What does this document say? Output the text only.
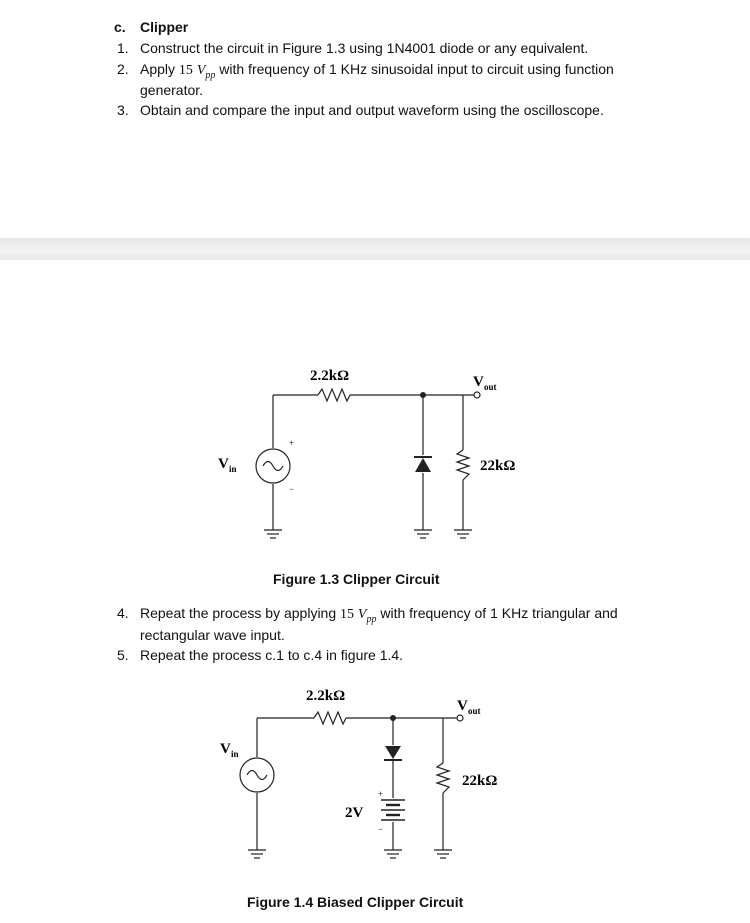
c. Clipper
1. Construct the circuit in Figure 1.3 using 1N4001 diode or any equivalent.
2. Apply 15 $V_{pp}$ with frequency of 1 KHz sinusoidal input to circuit using function
generator.
3. Obtain and compare the input and output waveform using the oscilloscope.
2.2kΩ
22kΩ
V in
V out
+
−
Figure 1.3 Clipper Circuit
4. Repeat the process by applying 15 $V_{pp}$ with frequency of 1 KHz triangular and
rectangular wave input.
5. Repeat the process c.1 to c.4 in figure 1.4.
2.2kΩ
22kΩ
2V
V in
V out
+
−
Figure 1.4 Biased Clipper Circuit
